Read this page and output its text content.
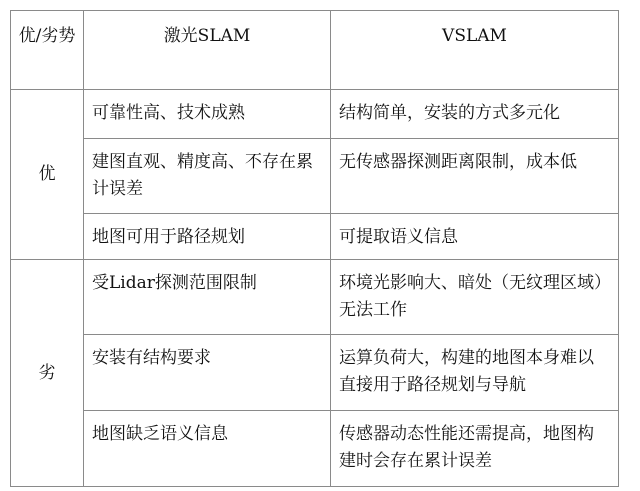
优/劣势	激光SLAM	VSLAM
优	可靠性高、技术成熟	结构简单，安装的方式多元化
	建图直观、精度高、不存在累计误差	无传感器探测距离限制，成本低
	地图可用于路径规划	可提取语义信息
劣	受Lidar探测范围限制	环境光影响大、暗处（无纹理区域）无法工作
	安装有结构要求	运算负荷大，构建的地图本身难以直接用于路径规划与导航
	地图缺乏语义信息	传感器动态性能还需提高，地图构建时会存在累计误差
